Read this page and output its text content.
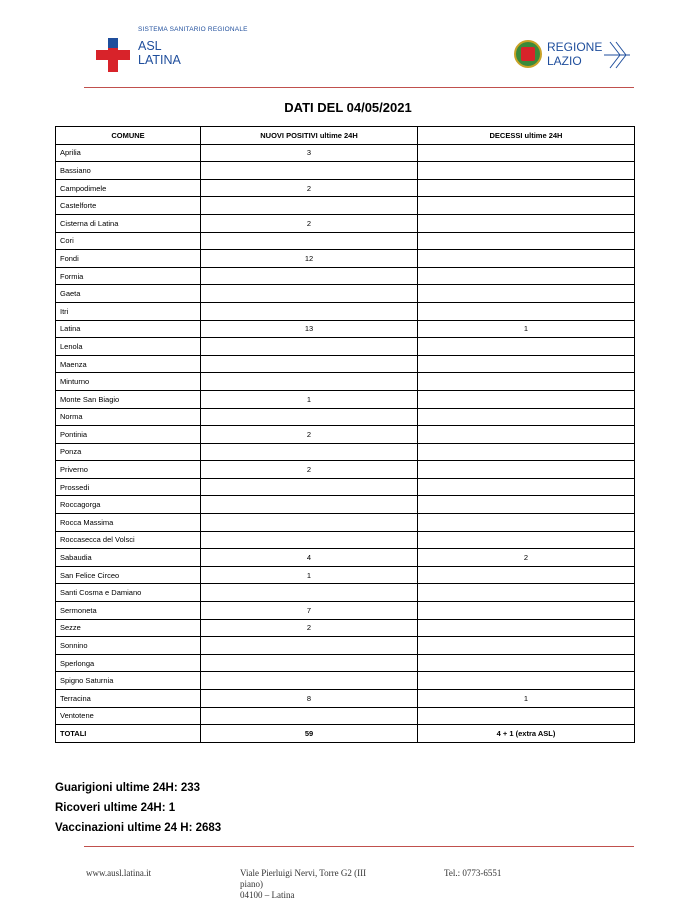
SISTEMA SANITARIO REGIONALE
ASL
LATINA
REGIONE
LAZIO
DATI DEL 04/05/2021
COMUNE	NUOVI POSITIVI ultime 24H	DECESSI ultime 24H
Aprilia	3	
Bassiano		
Campodimele	2	
Castelforte		
Cisterna di Latina	2	
Cori		
Fondi	12	
Formia		
Gaeta		
Itri		
Latina	13	1
Lenola		
Maenza		
Minturno		
Monte San Biagio	1	
Norma		
Pontinia	2	
Ponza		
Priverno	2	
Prossedi		
Roccagorga		
Rocca Massima		
Roccasecca del Volsci		
Sabaudia	4	2
San Felice Circeo	1	
Santi Cosma e Damiano		
Sermoneta	7	
Sezze	2	
Sonnino		
Sperlonga		
Spigno Saturnia		
Terracina	8	1
Ventotene		
TOTALI	59	4 + 1 (extra ASL)
Guarigioni ultime 24H: 233
Ricoveri ultime 24H: 1
Vaccinazioni ultime 24 H: 2683
www.ausl.latina.it	Viale Pierluigi Nervi, Torre G2 (III
piano)
04100 – Latina
Tel.: 0773-6551
